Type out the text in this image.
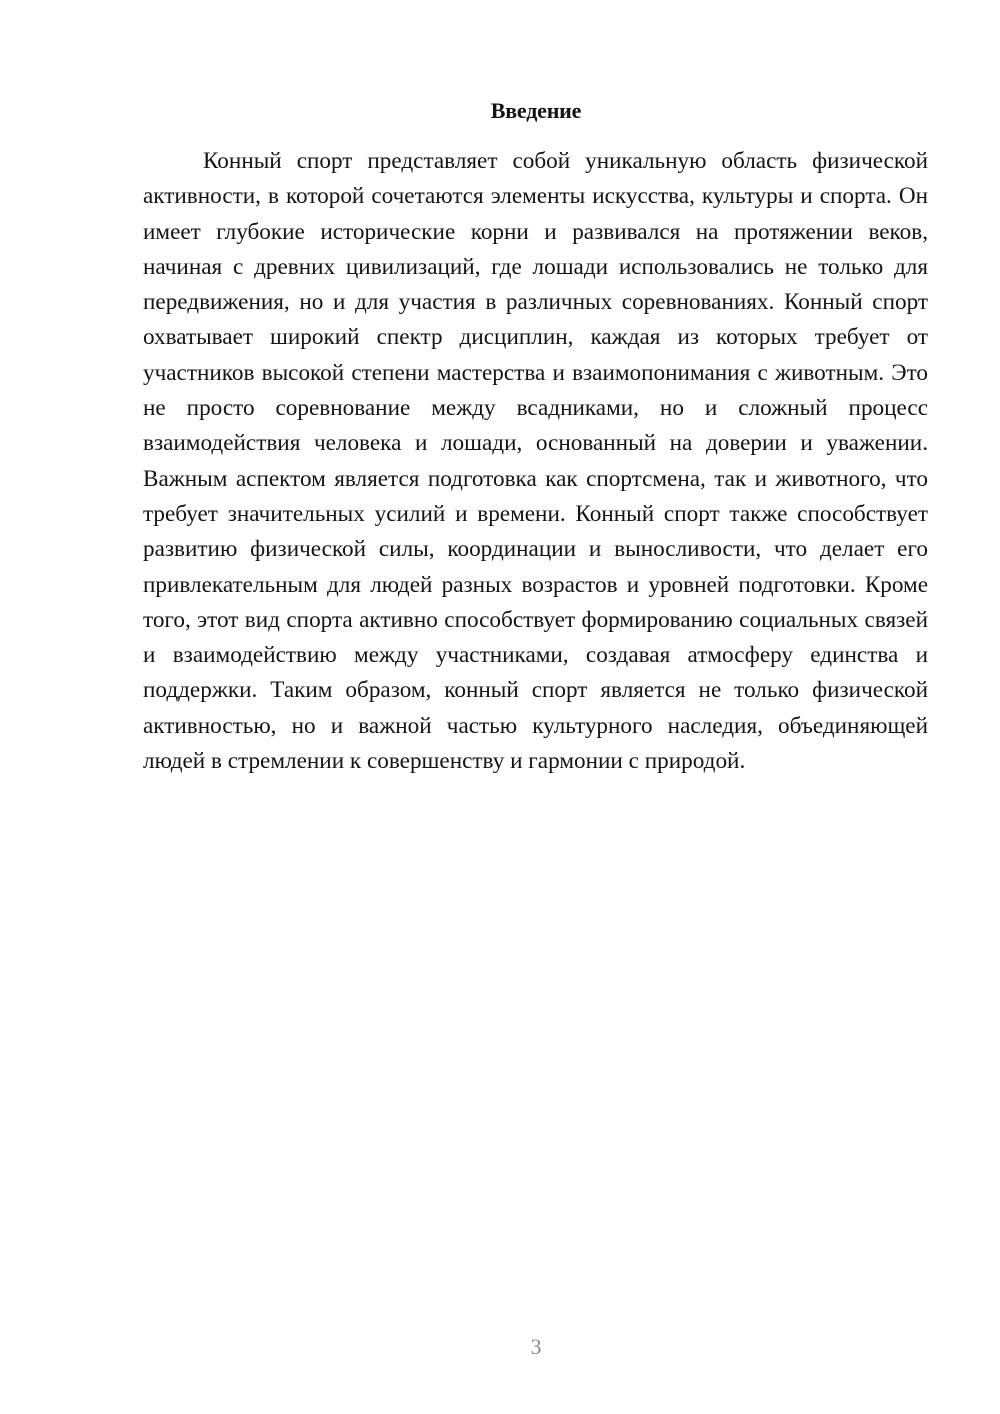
Введение

Конный спорт представляет собой уникальную область физической активности, в которой сочетаются элементы искусства, культуры и спорта. Он имеет глубокие исторические корни и развивался на протяжении веков, начиная с древних цивилизаций, где лошади использовались не только для передвижения, но и для участия в различных соревнованиях. Конный спорт охватывает широкий спектр дисциплин, каждая из которых требует от участников высокой степени мастерства и взаимопонимания с животным. Это не просто соревнование между всадниками, но и сложный процесс взаимодействия человека и лошади, основанный на доверии и уважении. Важным аспектом является подготовка как спортсмена, так и животного, что требует значительных усилий и времени. Конный спорт также способствует развитию физической силы, координации и выносливости, что делает его привлекательным для людей разных возрастов и уровней подготовки. Кроме того, этот вид спорта активно способствует формированию социальных связей и взаимодействию между участниками, создавая атмосферу единства и поддержки. Таким образом, конный спорт является не только физической активностью, но и важной частью культурного наследия, объединяющей людей в стремлении к совершенству и гармонии с природой.

3
